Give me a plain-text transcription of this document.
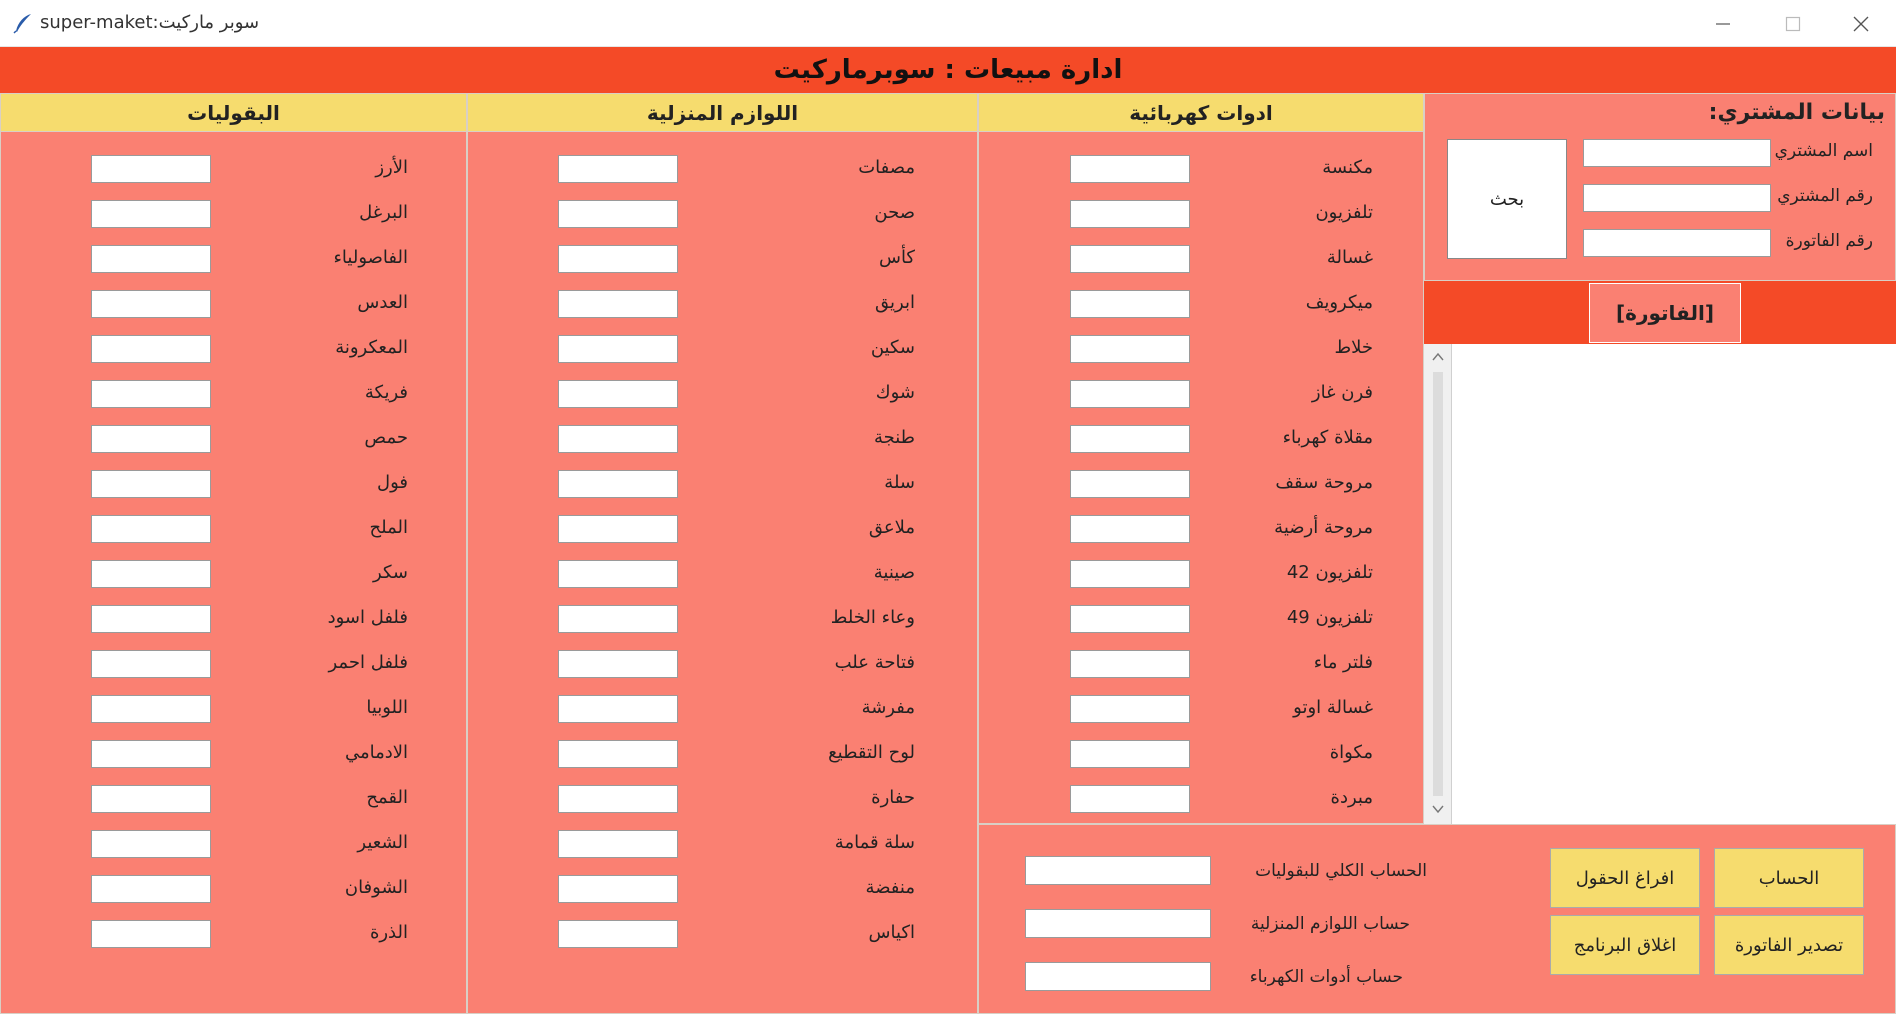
super-maket:سوبر ماركيت
ادارة مبيعات : سوبرماركيت
البقوليات
الأرز
البرغل
الفاصولياء
العدس
المعكرونة
فريكة
حمص
فول
الملح
سكر
فلفل اسود
فلفل احمر
اللوبيا
الادمامي
القمح
الشعير
الشوفان
الذرة
اللوازم المنزلية
مصفات
صحن
كأس
ابريق
سكين
شوك
طنجة
سلة
ملاعق
صينية
وعاء الخلط
فتاحة علب
مفرشة
لوح التقطيع
حفارة
سلة قمامة
منفضة
اكياس
ادوات كهربائية
مكنسة
تلفزيون
غسالة
ميكرويف
خلاط
فرن غاز
مقلاة كهرباء
مروحة سقف
مروحة أرضية
تلفزيون 42
تلفزيون 49
فلتر ماء
غسالة اوتو
مكواة
مبردة
بيانات المشتري:
اسم المشتري
رقم المشتري
رقم الفاتورة
بحث
[الفاتورة]
الحساب الكلي للبقوليات
حساب اللوازم المنزلية
حساب أدوات الكهرباء
افراغ الحقول	الحساب
اغلاق البرنامج	تصدير الفاتورة
